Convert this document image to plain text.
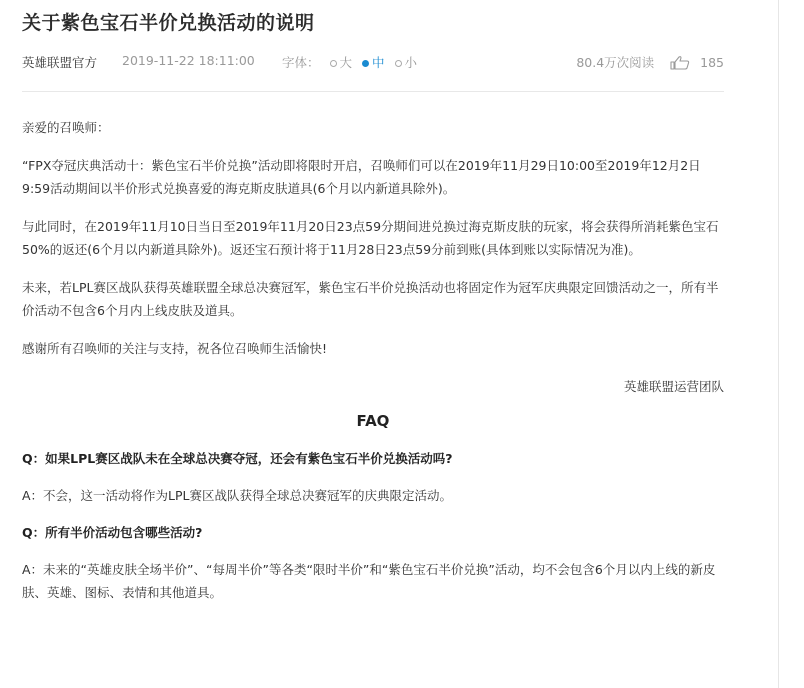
关于紫色宝石半价兑换活动的说明
英雄联盟官方 2019-11-22 18:11:00 字体： 大 中 小	80.4万次阅读	185

亲爱的召唤师：

“FPX夺冠庆典活动十：紫色宝石半价兑换”活动即将限时开启，召唤师们可以在2019年11月29日10:00至2019年12月2日9:59活动期间以半价形式兑换喜爱的海克斯皮肤道具(6个月以内新道具除外)。

与此同时，在2019年11月10日当日至2019年11月20日23点59分期间进兑换过海克斯皮肤的玩家，将会获得所消耗紫色宝石50%的返还(6个月以内新道具除外)。返还宝石预计将于11月28日23点59分前到账(具体到账以实际情况为准)。

未来，若LPL赛区战队获得英雄联盟全球总决赛冠军，紫色宝石半价兑换活动也将固定作为冠军庆典限定回馈活动之一，所有半价活动不包含6个月内上线皮肤及道具。

感谢所有召唤师的关注与支持，祝各位召唤师生活愉快!

英雄联盟运营团队

FAQ

Q：如果LPL赛区战队未在全球总决赛夺冠，还会有紫色宝石半价兑换活动吗?

A：不会，这一活动将作为LPL赛区战队获得全球总决赛冠军的庆典限定活动。

Q：所有半价活动包含哪些活动?

A：未来的“英雄皮肤全场半价”、“每周半价”等各类“限时半价”和“紫色宝石半价兑换”活动，均不会包含6个月以内上线的新皮肤、英雄、图标、表情和其他道具。
